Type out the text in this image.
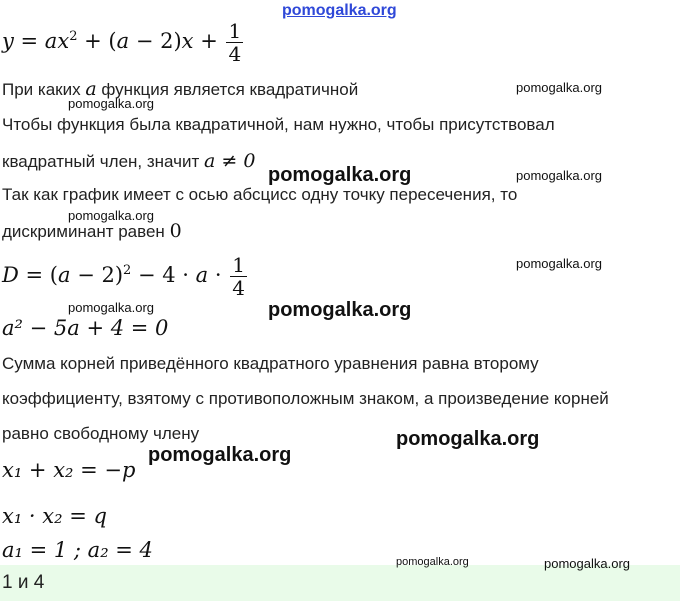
pomogalka.org
pomogalka.org
pomogalka.org
pomogalka.org	pomogalka.org
pomogalka.org
pomogalka.org
pomogalka.org	pomogalka.org
pomogalka.org
pomogalka.org
pomogalka.org	pomogalka.org
$y = ax^2 + (a - 2)x + \frac{1}{4}$
При каких a функция является квадратичной
Чтобы функция была квадратичной, нам нужно, чтобы присутствовал
квадратный член, значит a ≠ 0
Так как график имеет с осью абсцисс одну точку пересечения, то
дискриминант равен 0
$D = (a - 2)^2 - 4 \cdot a \cdot \frac{1}{4}$
a² − 5a + 4 = 0
Сумма корней приведённого квадратного уравнения равна второму
коэффициенту, взятому с противоположным знаком, а произведение корней
равно свободному члену
x₁ + x₂ = −p
x₁ · x₂ = q
a₁ = 1 ; a₂ = 4
1 и 4
